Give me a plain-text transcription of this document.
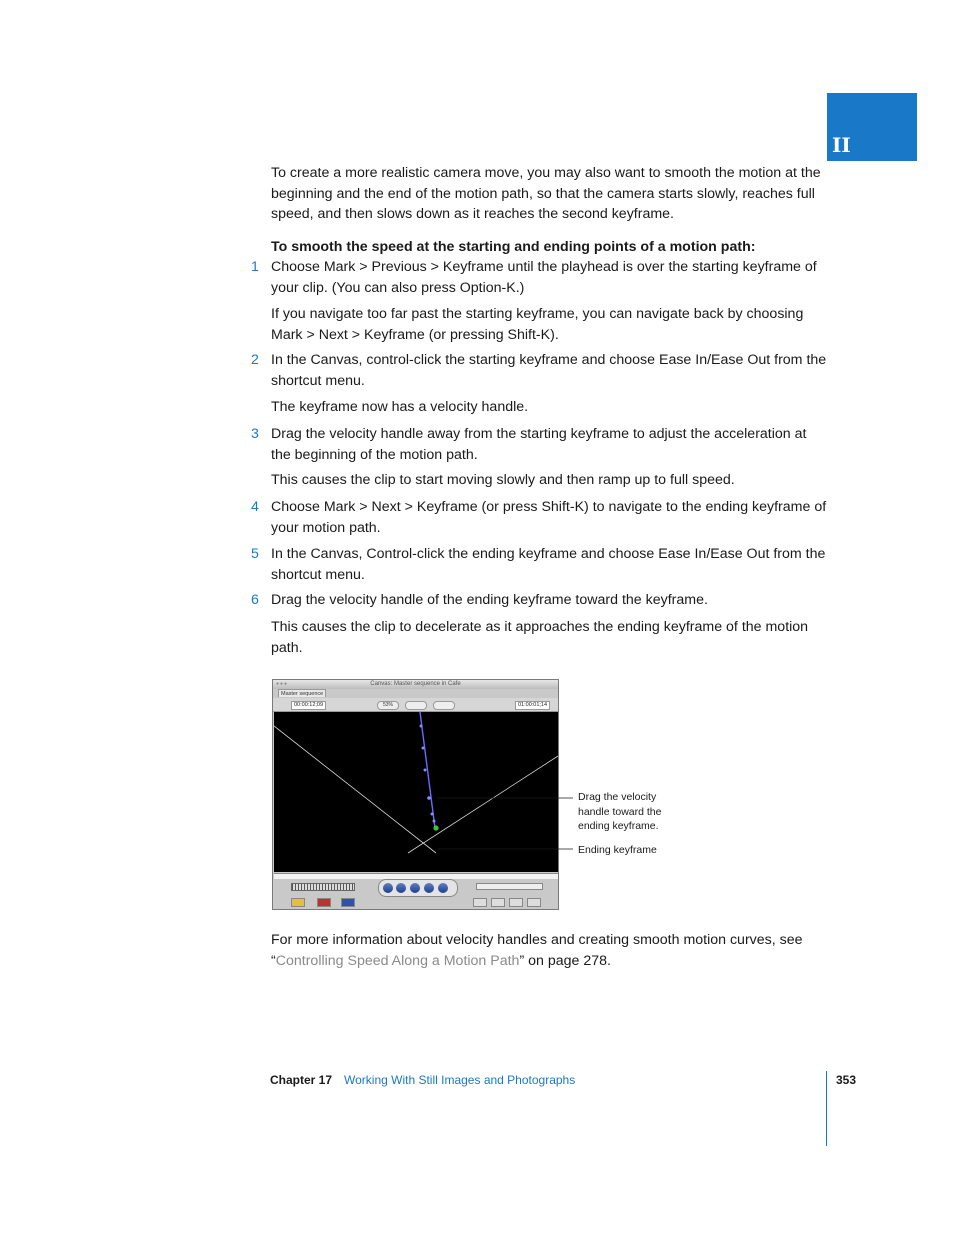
II

To create a more realistic camera move, you may also want to smooth the motion at the beginning and the end of the motion path, so that the camera starts slowly, reaches full speed, and then slows down as it reaches the second keyframe.

To smooth the speed at the starting and ending points of a motion path:

1 Choose Mark > Previous > Keyframe until the playhead is over the starting keyframe of your clip. (You can also press Option-K.)

If you navigate too far past the starting keyframe, you can navigate back by choosing Mark > Next > Keyframe (or pressing Shift-K).

2 In the Canvas, control-click the starting keyframe and choose Ease In/Ease Out from the shortcut menu.

The keyframe now has a velocity handle.

3 Drag the velocity handle away from the starting keyframe to adjust the acceleration at the beginning of the motion path.

This causes the clip to start moving slowly and then ramp up to full speed.

4 Choose Mark > Next > Keyframe (or press Shift-K) to navigate to the ending keyframe of your motion path.

5 In the Canvas, Control-click the ending keyframe and choose Ease In/Ease Out from the shortcut menu.

6 Drag the velocity handle of the ending keyframe toward the keyframe.

This causes the clip to decelerate as it approaches the ending keyframe of the motion path.

●●●	Canvas: Master sequence in Cafe
Master sequence
00:00:12;09	53%	01:00:01;14
Drag the velocity handle toward the ending keyframe.
Ending keyframe

For more information about velocity handles and creating smooth motion curves, see “Controlling Speed Along a Motion Path” on page 278.

Chapter 17 Working With Still Images and Photographs	353
